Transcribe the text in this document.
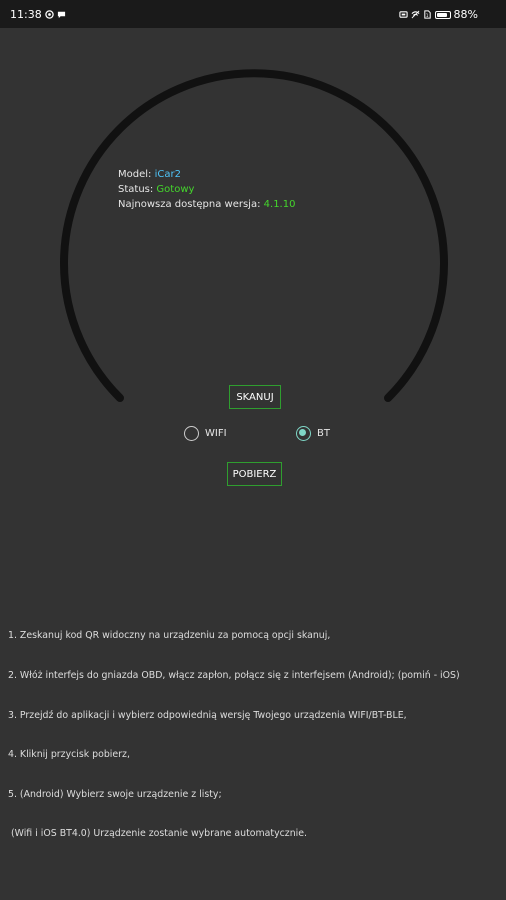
11:38	1 88%
Model: iCar2
Status: Gotowy
Najnowsza dostępna wersja: 4.1.10
SKANUJ
WIFI	BT
POBIERZ

1. Zeskanuj kod QR widoczny na urządzeniu za pomocą opcji skanuj,

2. Włóż interfejs do gniazda OBD, włącz zapłon, połącz się z interfejsem (Android); (pomiń - iOS)

3. Przejdź do aplikacji i wybierz odpowiednią wersję Twojego urządzenia WIFI/BT-BLE,

4. Kliknij przycisk pobierz,

5. (Android) Wybierz swoje urządzenie z listy;

(Wifi i iOS BT4.0) Urządzenie zostanie wybrane automatycznie.
